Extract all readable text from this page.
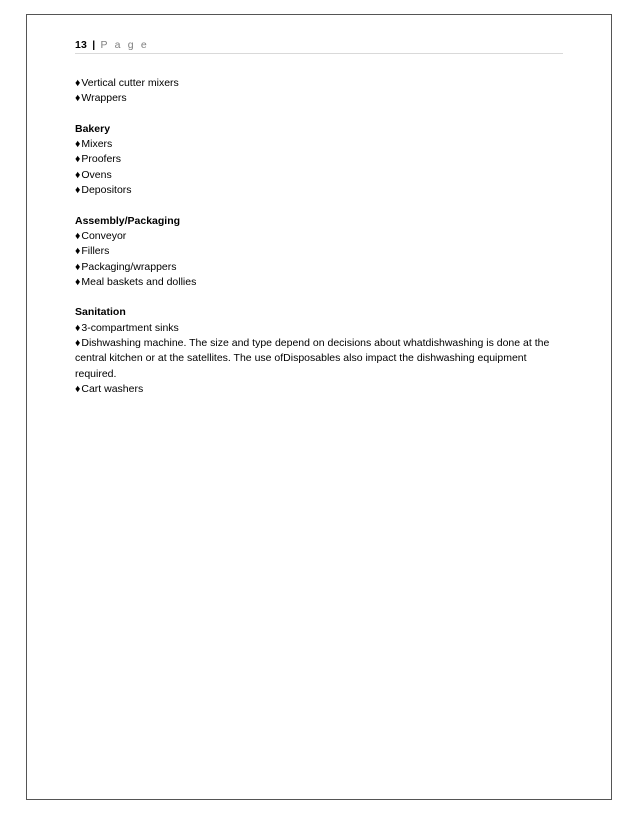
13 | P a g e
♦Vertical cutter mixers
♦Wrappers
Bakery
♦Mixers
♦Proofers
♦Ovens
♦Depositors
Assembly/Packaging
♦Conveyor
♦Fillers
♦Packaging/wrappers
♦Meal baskets and dollies
Sanitation
♦3-compartment sinks
♦Dishwashing machine. The size and type depend on decisions about whatdishwashing is done at the central kitchen or at the satellites. The use ofDisposables also impact the dishwashing equipment required.
♦Cart washers
